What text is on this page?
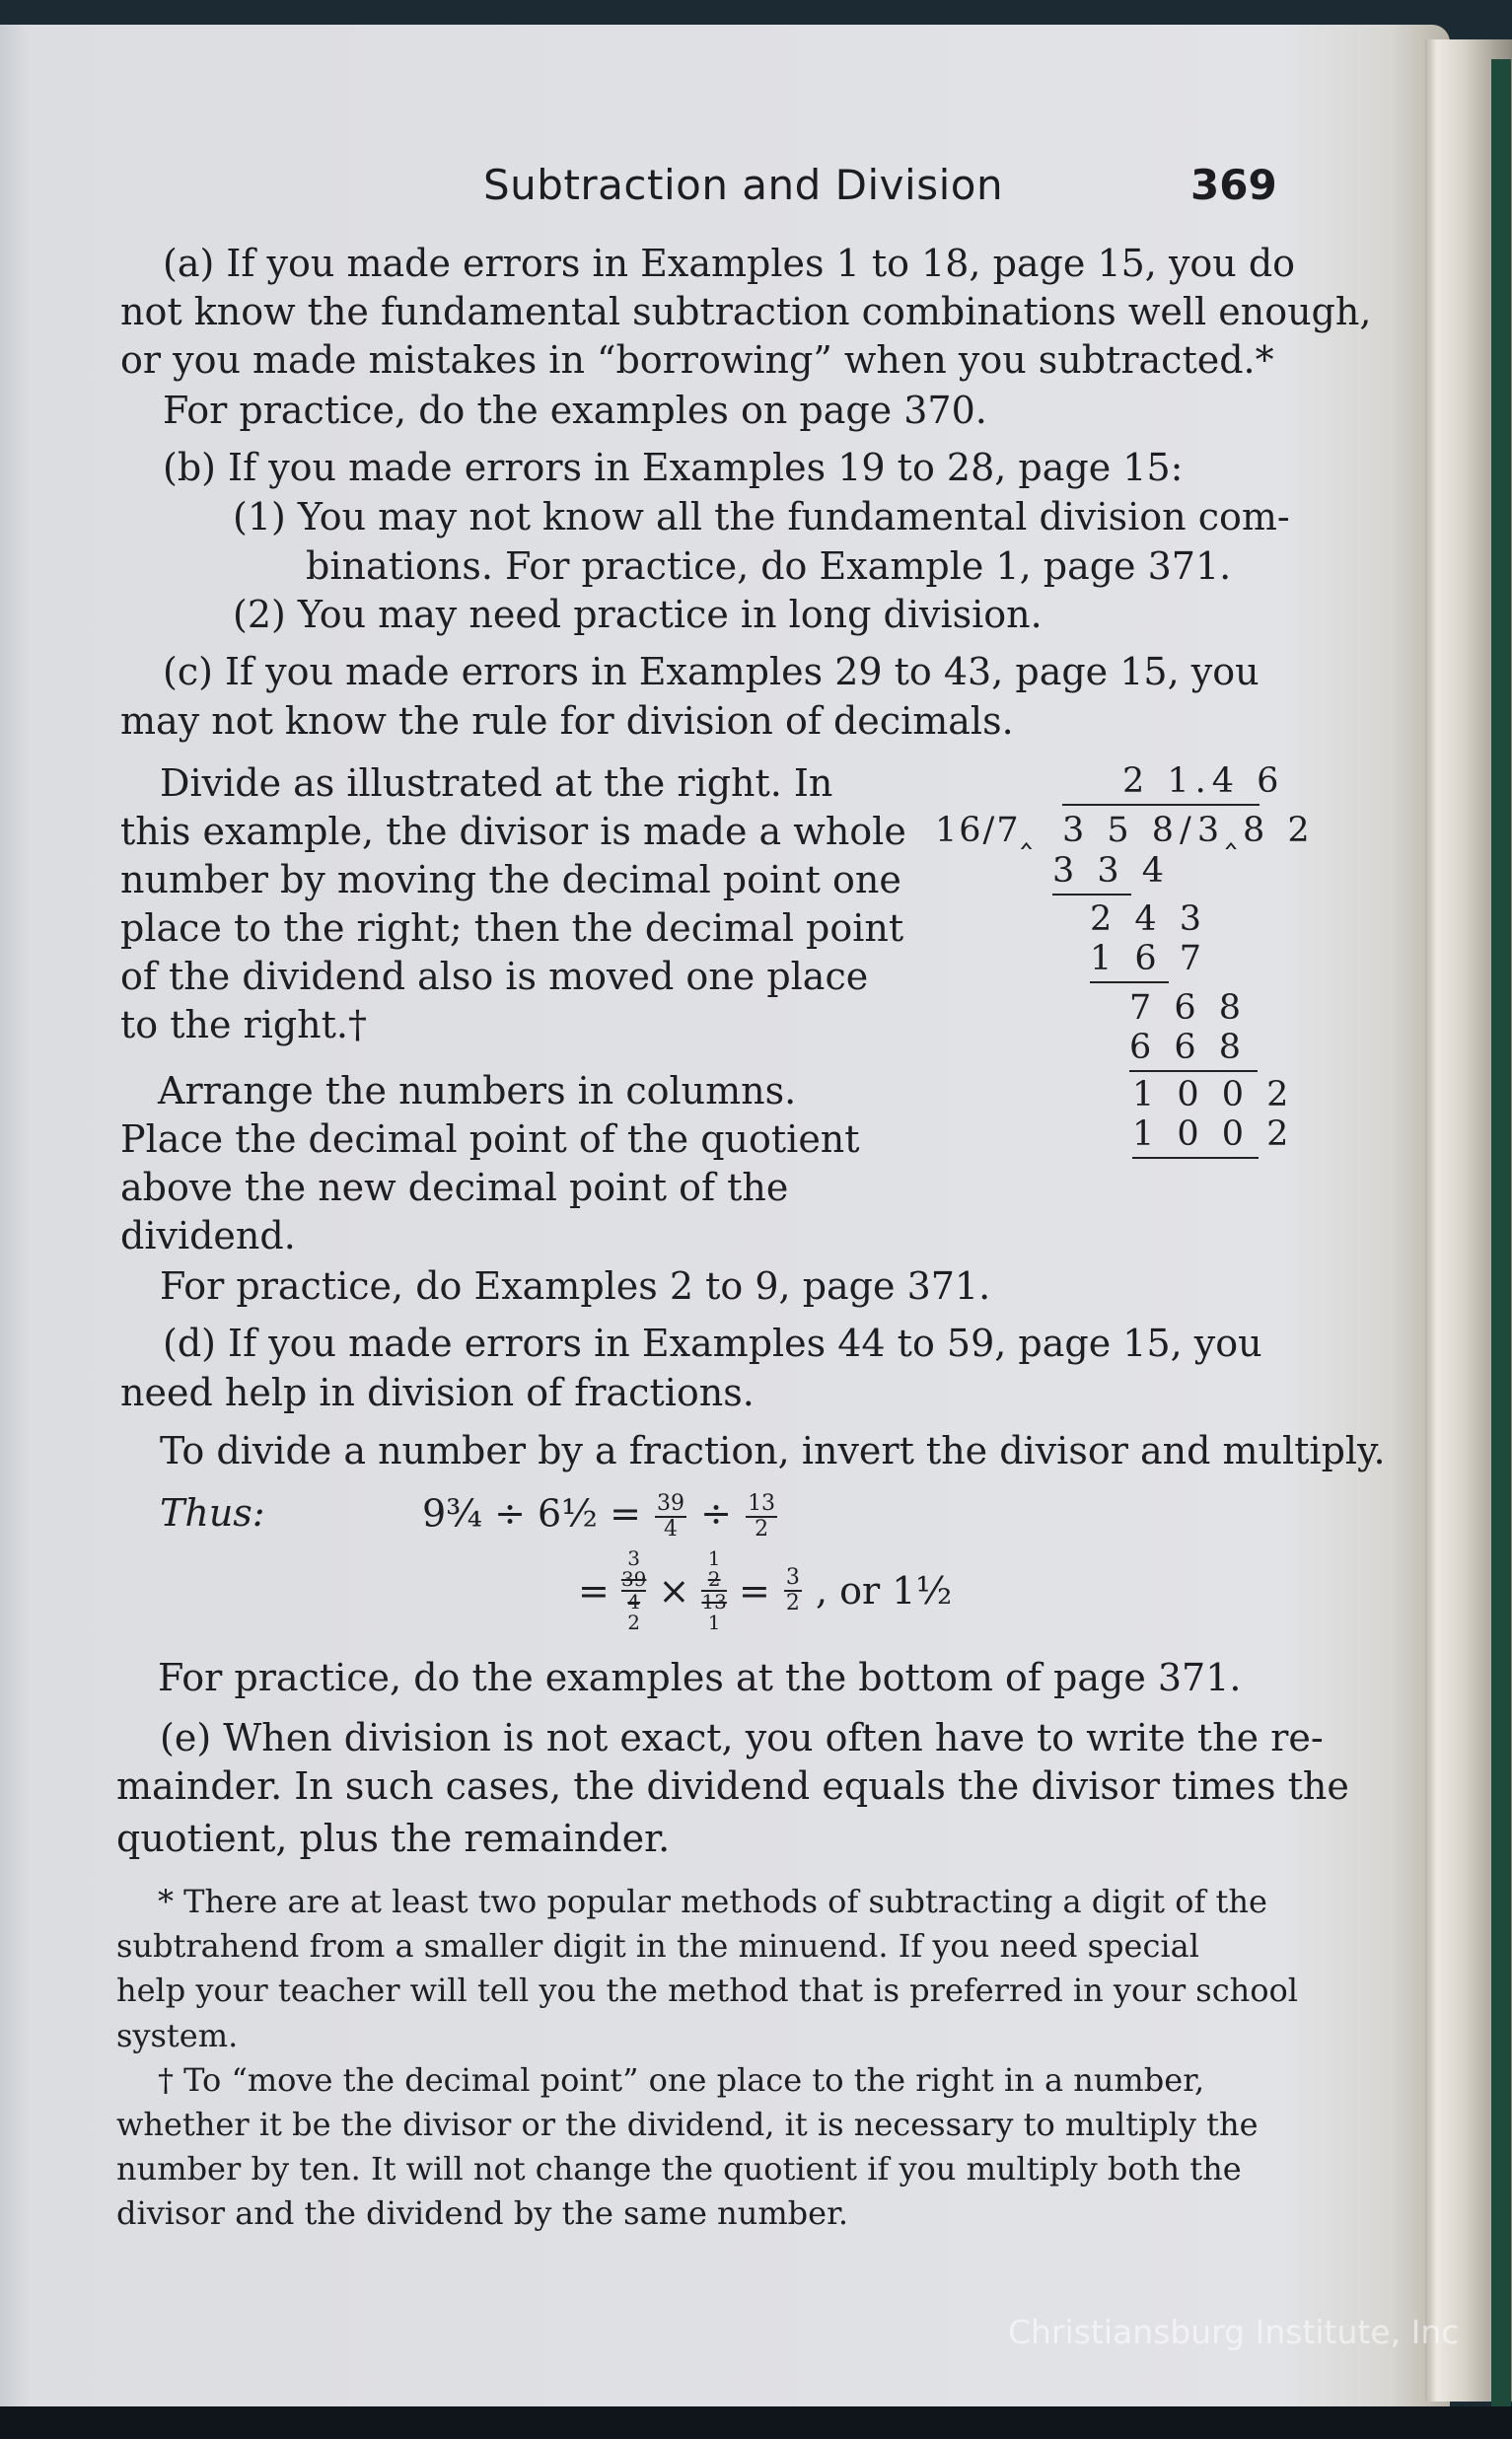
Subtraction and Division	369
(a) If you made errors in Examples 1 to 18, page 15, you do
not know the fundamental subtraction combinations well enough,
or you made mistakes in “borrowing” when you subtracted.*
For practice, do the examples on page 370.
(b) If you made errors in Examples 19 to 28, page 15:
(1) You may not know all the fundamental division com-
binations. For practice, do Example 1, page 371.
(2) You may need practice in long division.
(c) If you made errors in Examples 29 to 43, page 15, you
may not know the rule for division of decimals.
Divide as illustrated at the right. In
this example, the divisor is made a whole
number by moving the decimal point one
place to the right; then the decimal point
of the dividend also is moved one place
to the right.†
Arrange the numbers in columns.
Place the decimal point of the quotient
above the new decimal point of the
dividend.
2 1.4 6
16/7‸ 3 5 8/3‸8 2
3 3 4
2 4 3
1 6 7
7 6 8
6 6 8
1 0 0 2
1 0 0 2
For practice, do Examples 2 to 9, page 371.
(d) If you made errors in Examples 44 to 59, page 15, you
need help in division of fractions.
To divide a number by a fraction, invert the divisor and multiply.
Thus:	9¾ ÷ 6½ = $\frac{39}{4} \div \frac{13}{2}$
=
3
39
4
2
×
1
2
13
1
= $\frac{3}{2}$ , or 1½
For practice, do the examples at the bottom of page 371.
(e) When division is not exact, you often have to write the re-
mainder. In such cases, the dividend equals the divisor times the
quotient, plus the remainder.
* There are at least two popular methods of subtracting a digit of the
subtrahend from a smaller digit in the minuend. If you need special
help your teacher will tell you the method that is preferred in your school
system.
† To “move the decimal point” one place to the right in a number,
whether it be the divisor or the dividend, it is necessary to multiply the
number by ten. It will not change the quotient if you multiply both the
divisor and the dividend by the same number.
Christiansburg Institute, Inc
